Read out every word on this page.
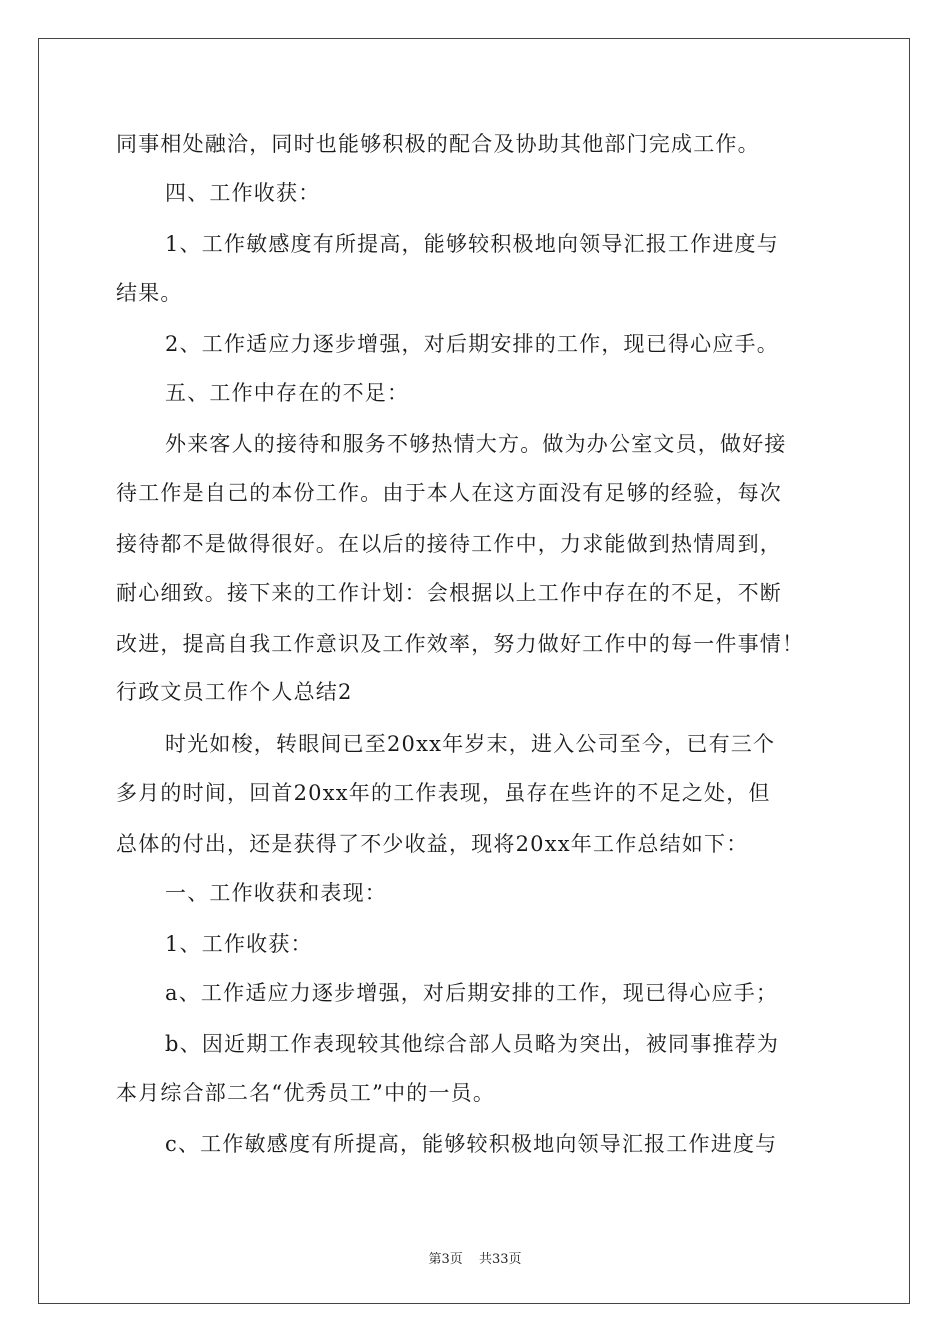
同事相处融洽，同时也能够积极的配合及协助其他部门完成工作。
四、工作收获：
1、工作敏感度有所提高，能够较积极地向领导汇报工作进度与
结果。
2、工作适应力逐步增强，对后期安排的工作，现已得心应手。
五、工作中存在的不足：
外来客人的接待和服务不够热情大方。做为办公室文员，做好接
待工作是自己的本份工作。由于本人在这方面没有足够的经验，每次
接待都不是做得很好。在以后的接待工作中，力求能做到热情周到，
耐心细致。接下来的工作计划：会根据以上工作中存在的不足，不断
改进，提高自我工作意识及工作效率，努力做好工作中的每一件事情！
行政文员工作个人总结2
时光如梭，转眼间已至20xx年岁末，进入公司至今，已有三个
多月的时间，回首20xx年的工作表现，虽存在些许的不足之处，但
总体的付出，还是获得了不少收益，现将20xx年工作总结如下：
一、工作收获和表现：
1、工作收获：
a、工作适应力逐步增强，对后期安排的工作，现已得心应手；
b、因近期工作表现较其他综合部人员略为突出，被同事推荐为
本月综合部二名“优秀员工”中的一员。
c、工作敏感度有所提高，能够较积极地向领导汇报工作进度与
第3页 共33页
